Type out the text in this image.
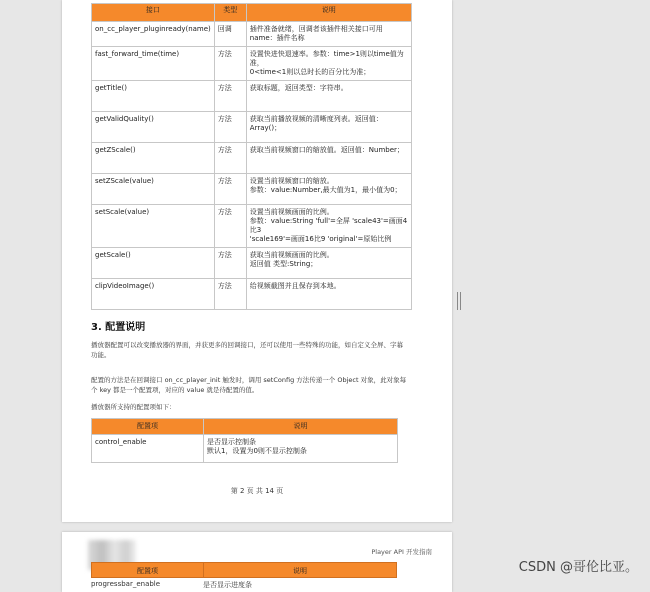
接口	类型	说明
on_cc_player_pluginready(name)	回调	插件准备就绪，回调者该插件相关接口可用
name：插件名称

fast_forward_time(time)	方法	设置快进快退速率。参数：time>1则以time值为准，
0<time<1则以总时长的百分比为准；

getTitle()	方法	获取标题，返回类型：字符串。

getValidQuality()	方法	获取当前播放视频的清晰度列表。返回值：Array()；

getZScale()	方法	获取当前视频窗口的缩放值。返回值：Number；

setZScale(value)	方法	设置当前视频窗口的缩放。
参数：value:Number,最大值为1，最小值为0；

setScale(value)	方法	设置当前视频画面的比例。
参数：value:String 'full'=全屏 'scale43'=画面4比3
'scale169'=画面16比9 'original'=原始比例

getScale()	方法	获取当前视频画面的比例。
返回值 类型:String；

clipVideoImage()	方法	给视频截图并且保存到本地。
3. 配置说明
播放器配置可以改变播放器的界面，并获更多的回调接口，还可以使用一些特殊的功能，如自定义全屏、字幕功能。
配置的方法是在回调接口 on_cc_player_init 触发时，调用 setConfig 方法传递一个 Object 对象，此对象每个 key 都是一个配置项，对应的 value 就是待配置的值。
播放器所支持的配置项如下：
配置项	说明
control_enable	是否显示控制条
默认1，设置为0则不显示控制条
第 2 页 共 14 页
Player API 开发指南
配置项	说明
progressbar_enable	是否显示进度条
CSDN @哥伦比亚。
